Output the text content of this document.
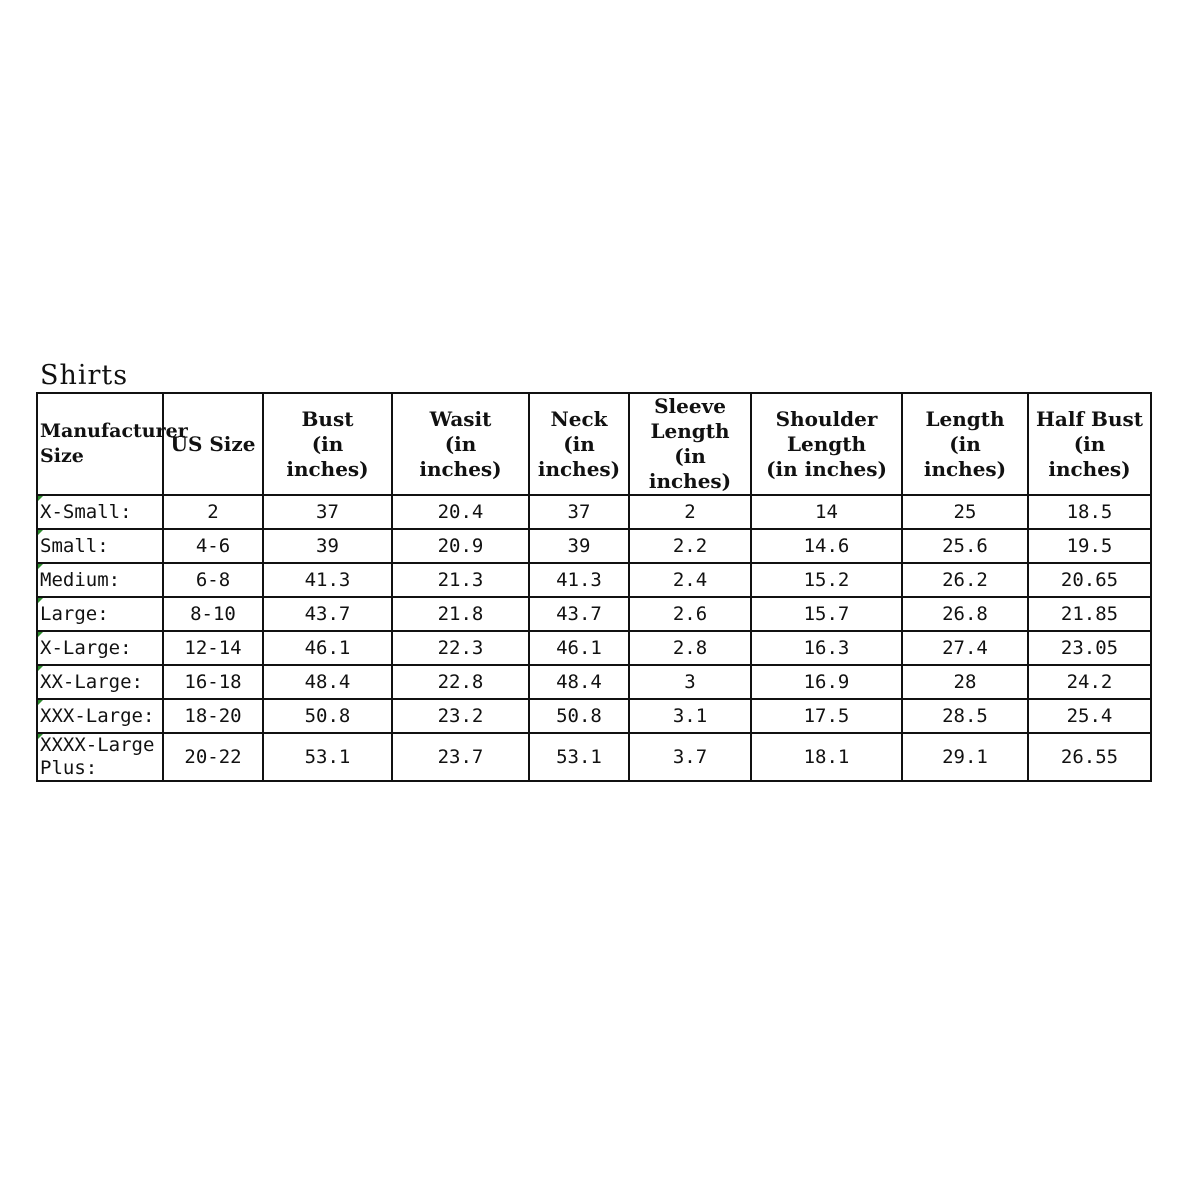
Shirts
Manufacturer Size	US Size	Bust
(in
inches)	Wasit
(in
inches)	Neck
(in
inches)	Sleeve
Length
(in
inches)	Shoulder
Length
(in inches)	Length
(in
inches)	Half Bust
(in
inches)
X-Small:	2	37	20.4	37	2	14	25	18.5
Small:	4-6	39	20.9	39	2.2	14.6	25.6	19.5
Medium:	6-8	41.3	21.3	41.3	2.4	15.2	26.2	20.65
Large:	8-10	43.7	21.8	43.7	2.6	15.7	26.8	21.85
X-Large:	12-14	46.1	22.3	46.1	2.8	16.3	27.4	23.05
XX-Large:	16-18	48.4	22.8	48.4	3	16.9	28	24.2
XXX-Large:	18-20	50.8	23.2	50.8	3.1	17.5	28.5	25.4
XXXX-Large Plus:	20-22	53.1	23.7	53.1	3.7	18.1	29.1	26.55
